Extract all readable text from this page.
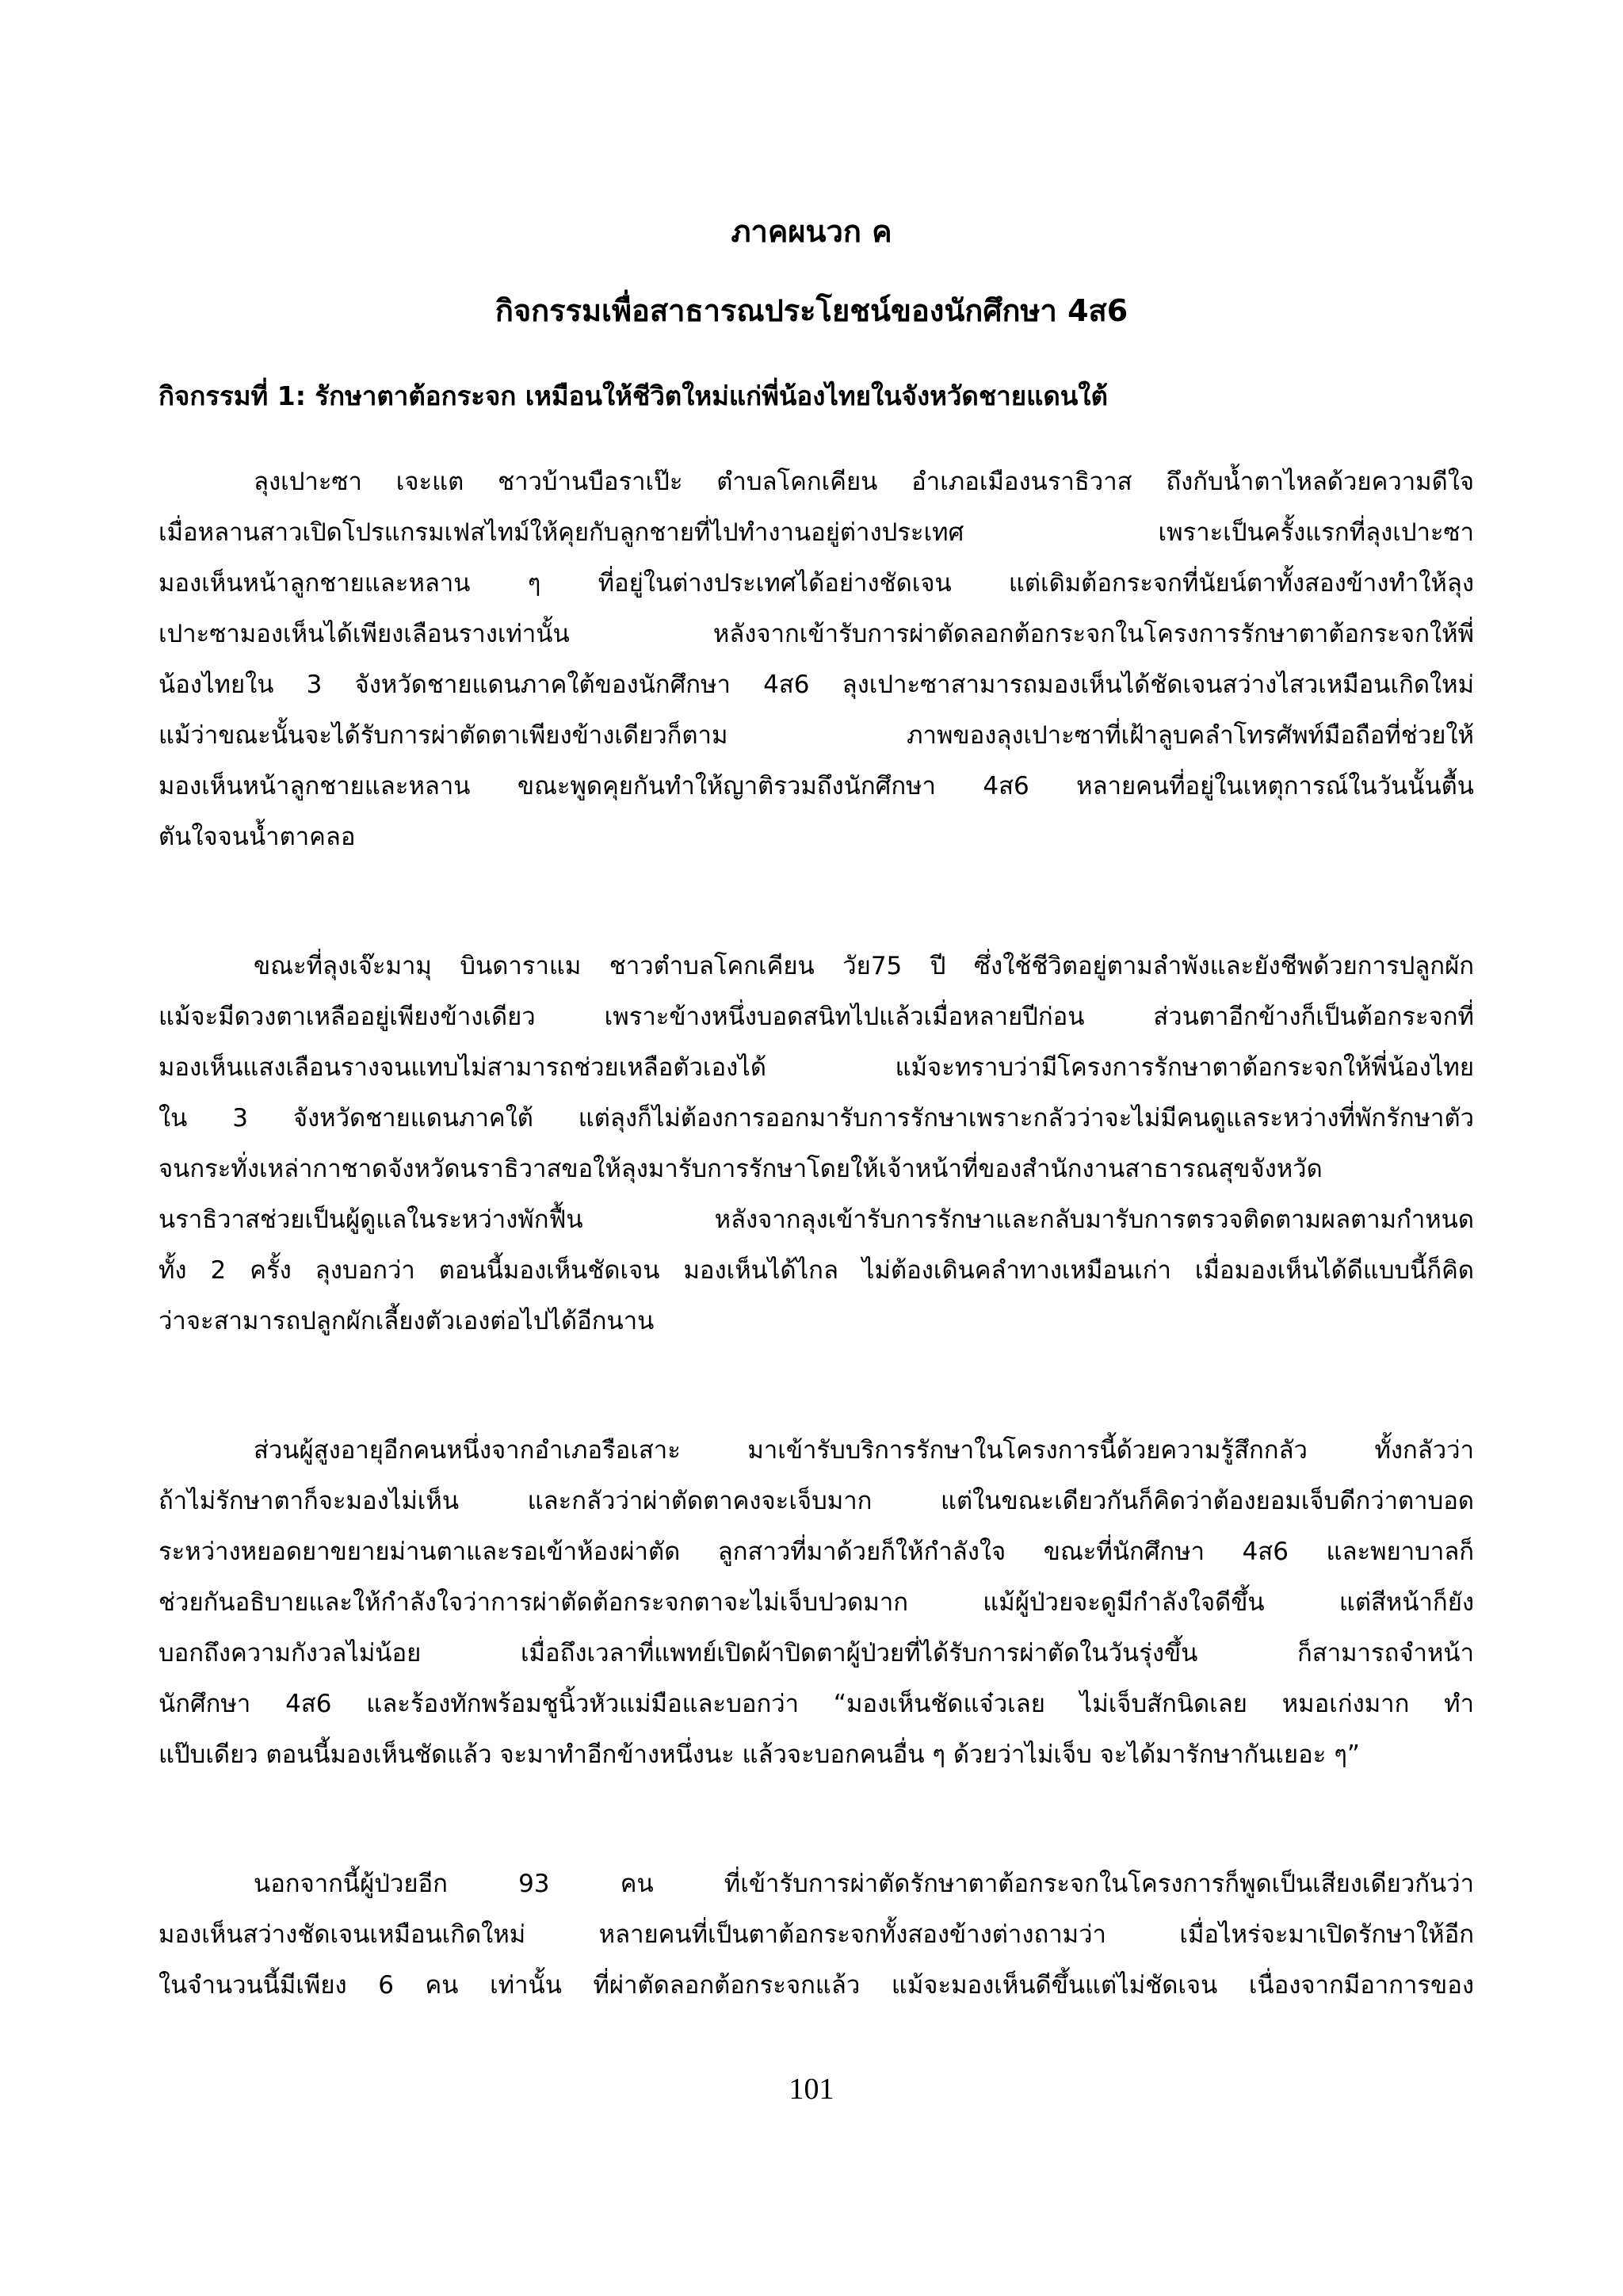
ภาคผนวก ค
กิจกรรมเพื่อสาธารณประโยชน์ของนักศึกษา 4ส6
กิจกรรมที่ 1: รักษาตาต้อกระจก เหมือนให้ชีวิตใหม่แก่พี่น้องไทยในจังหวัดชายแดนใต้
ลุงเปาะซา เจะแต ชาวบ้านบือราเป๊ะ ตำบลโคกเคียน อำเภอเมืองนราธิวาส ถึงกับน้ำตาไหลด้วยความดีใจ
เมื่อหลานสาวเปิดโปรแกรมเฟสไทม์ให้คุยกับลูกชายที่ไปทำงานอยู่ต่างประเทศ เพราะเป็นครั้งแรกที่ลุงเปาะซา
มองเห็นหน้าลูกชายและหลาน ๆ ที่อยู่ในต่างประเทศได้อย่างชัดเจน แต่เดิมต้อกระจกที่นัยน์ตาทั้งสองข้างทำให้ลุง
เปาะซามองเห็นได้เพียงเลือนรางเท่านั้น หลังจากเข้ารับการผ่าตัดลอกต้อกระจกในโครงการรักษาตาต้อกระจกให้พี่
น้องไทยใน 3 จังหวัดชายแดนภาคใต้ของนักศึกษา 4ส6 ลุงเปาะซาสามารถมองเห็นได้ชัดเจนสว่างไสวเหมือนเกิดใหม่
แม้ว่าขณะนั้นจะได้รับการผ่าตัดตาเพียงข้างเดียวก็ตาม ภาพของลุงเปาะซาที่เฝ้าลูบคลำโทรศัพท์มือถือที่ช่วยให้
มองเห็นหน้าลูกชายและหลาน ขณะพูดคุยกันทำให้ญาติรวมถึงนักศึกษา 4ส6 หลายคนที่อยู่ในเหตุการณ์ในวันนั้นตื้น
ตันใจจนน้ำตาคลอ
ขณะที่ลุงเจ๊ะมามุ บินดาราแม ชาวตำบลโคกเคียน วัย75 ปี ซึ่งใช้ชีวิตอยู่ตามลำพังและยังชีพด้วยการปลูกผัก
แม้จะมีดวงตาเหลืออยู่เพียงข้างเดียว เพราะข้างหนึ่งบอดสนิทไปแล้วเมื่อหลายปีก่อน ส่วนตาอีกข้างก็เป็นต้อกระจกที่
มองเห็นแสงเลือนรางจนแทบไม่สามารถช่วยเหลือตัวเองได้ แม้จะทราบว่ามีโครงการรักษาตาต้อกระจกให้พี่น้องไทย
ใน 3 จังหวัดชายแดนภาคใต้ แต่ลุงก็ไม่ต้องการออกมารับการรักษาเพราะกลัวว่าจะไม่มีคนดูแลระหว่างที่พักรักษาตัว
จนกระทั่งเหล่ากาชาดจังหวัดนราธิวาสขอให้ลุงมารับการรักษาโดยให้เจ้าหน้าที่ของสำนักงานสาธารณสุขจังหวัด
นราธิวาสช่วยเป็นผู้ดูแลในระหว่างพักฟื้น หลังจากลุงเข้ารับการรักษาและกลับมารับการตรวจติดตามผลตามกำหนด
ทั้ง 2 ครั้ง ลุงบอกว่า ตอนนี้มองเห็นชัดเจน มองเห็นได้ไกล ไม่ต้องเดินคลำทางเหมือนเก่า เมื่อมองเห็นได้ดีแบบนี้ก็คิด
ว่าจะสามารถปลูกผักเลี้ยงตัวเองต่อไปได้อีกนาน
ส่วนผู้สูงอายุอีกคนหนึ่งจากอำเภอรือเสาะ มาเข้ารับบริการรักษาในโครงการนี้ด้วยความรู้สึกกลัว ทั้งกลัวว่า
ถ้าไม่รักษาตาก็จะมองไม่เห็น และกลัวว่าผ่าตัดตาคงจะเจ็บมาก แต่ในขณะเดียวกันก็คิดว่าต้องยอมเจ็บดีกว่าตาบอด
ระหว่างหยอดยาขยายม่านตาและรอเข้าห้องผ่าตัด ลูกสาวที่มาด้วยก็ให้กำลังใจ ขณะที่นักศึกษา 4ส6 และพยาบาลก็
ช่วยกันอธิบายและให้กำลังใจว่าการผ่าตัดต้อกระจกตาจะไม่เจ็บปวดมาก แม้ผู้ป่วยจะดูมีกำลังใจดีขึ้น แต่สีหน้าก็ยัง
บอกถึงความกังวลไม่น้อย เมื่อถึงเวลาที่แพทย์เปิดผ้าปิดตาผู้ป่วยที่ได้รับการผ่าตัดในวันรุ่งขึ้น ก็สามารถจำหน้า
นักศึกษา 4ส6 และร้องทักพร้อมชูนิ้วหัวแม่มือและบอกว่า “มองเห็นชัดแจ๋วเลย ไม่เจ็บสักนิดเลย หมอเก่งมาก ทำ
แป๊บเดียว ตอนนี้มองเห็นชัดแล้ว จะมาทำอีกข้างหนึ่งนะ แล้วจะบอกคนอื่น ๆ ด้วยว่าไม่เจ็บ จะได้มารักษากันเยอะ ๆ”
นอกจากนี้ผู้ป่วยอีก 93 คน ที่เข้ารับการผ่าตัดรักษาตาต้อกระจกในโครงการก็พูดเป็นเสียงเดียวกันว่า
มองเห็นสว่างชัดเจนเหมือนเกิดใหม่ หลายคนที่เป็นตาต้อกระจกทั้งสองข้างต่างถามว่า เมื่อไหร่จะมาเปิดรักษาให้อีก
ในจำนวนนี้มีเพียง 6 คน เท่านั้น ที่ผ่าตัดลอกต้อกระจกแล้ว แม้จะมองเห็นดีขึ้นแต่ไม่ชัดเจน เนื่องจากมีอาการของ
101
